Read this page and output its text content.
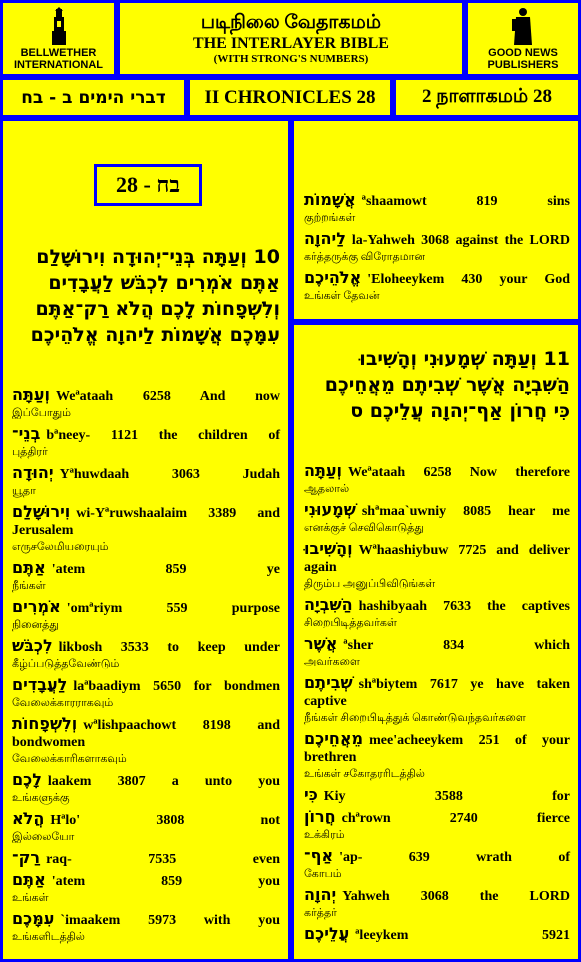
BELLWETHER
INTERNATIONAL
படிநிலை வேதாகமம்
THE INTERLAYER BIBLE
(WITH STRONG'S NUMBERS)	GOOD NEWS
PUBLISHERS
דברי הימים ב - בח II CHRONICLES 28 2 நாளாகமம் 28
28 - בח
10 וְעַתָּה בְּנֵי־יְהוּדָה וִירוּשָׁלִַם אַתֶּם אֹמְרִים לִכְבֹּשׁ לַעֲבָדִים וְלִשְׁפָחוֹת לָכֶם הֲלֹא רַק־אַתֶּם עִמָּכֶם אֲשָׁמוֹת לַיהוָה אֱלֹהֵיכֶם
וְעַתָּה Weªataah 6258 And now
இப்போதும்
בְנֵי־ bªneey- 1121 the children of
புத்திரர்
יְהוּדָה Yªhuwdaah 3063 Judah
யூதா
וִירוּשָׁלִַם wi-Yªruwshaalaim 3389 and Jerusalem
எருசலேமியரையும்
אַתֶּם 'atem 859 ye
நீங்கள்
אֹמְרִים 'omªriym 559 purpose
நினைத்து
לִכְבֹּשׁ likbosh 3533 to keep under
கீழ்ப்படுத்தவேண்டும்
לַעֲבָדִים laªbaadiym 5650 for bondmen
வேலைக்காரராகவும்
וְלִשְׁפָחוֹת wªlishpaachowt 8198 and bondwomen
வேலைக்காரிகளாகவும்
לָכֶם laakem 3807 a unto you
உங்களுக்கு
הֲלֹא Hªlo' 3808 not
இல்லையோ
רַק־ raq- 7535 even
אַתֶּם 'atem 859 you
உங்கள்
עִמָּכֶם `imaakem 5973 with you
உங்களிடத்தில்
אֲשָׁמוֹת ªshaamowt 819 sins
குற்றங்கள்
לַיהוָה la-Yahweh 3068 against the LORD
கர்த்தருக்கு விரோதமான
אֱלֹהֵיכֶם 'Eloheeykem 430 your God
உங்கள் தேவன்
11 וְעַתָּה שְׁמָעוּנִי וְהָשִׁיבוּ הַשִּׁבְיָה אֲשֶׁר שְׁבִיתֶם מֵאֲחֵיכֶם כִּי חֲרוֹן אַף־יְהוָה עֲלֵיכֶם ס
וְעַתָּה Weªataah 6258 Now therefore
ஆதலால்
שְׁמָעוּנִי shªmaa`uwniy 8085 hear me
எனக்குச் செவிகொடுத்து
וְהָשִׁיבוּ Wªhaashiybuw 7725 and deliver again
திரும்ப அனுப்பிவிடுங்கள்
הַשִּׁבְיָה hashibyaah 7633 the captives
சிறைபிடித்தவர்கள்
אֲשֶׁר ªsher 834 which
அவர்களை
שְׁבִיתֶם shªbiytem 7617 ye have taken captive
நீங்கள் சிறைபிடித்துக் கொண்டுவந்தவர்களை
מֵאֲחֵיכֶם mee'acheeykem 251 of your brethren
உங்கள் சகோதரரிடத்தில்
כִּי Kiy 3588 for
חֲרוֹן chªrown 2740 fierce
உக்கிரம்
אַף־ 'ap- 639 wrath of
கோபம்
יְהוָה Yahweh 3068 the LORD
கர்த்தர்
עֲלֵיכֶם ªleeykem 5921
